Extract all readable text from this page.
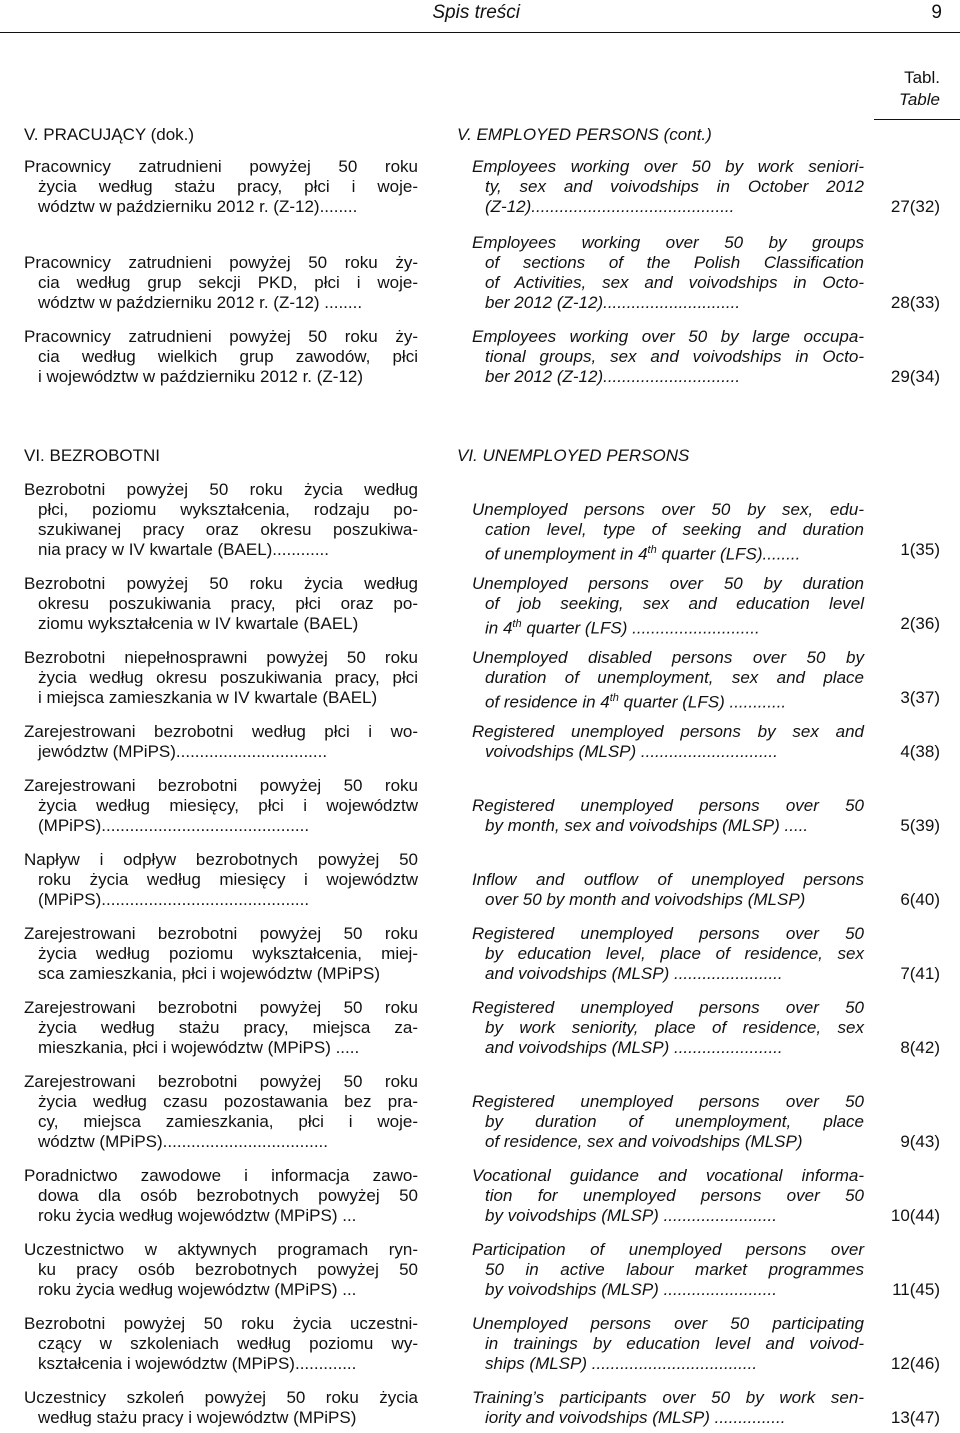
Spis treści	9
Tabl.
Table
V. PRACUJĄCY (dok.)	V. EMPLOYED PERSONS (cont.)
VI. BEZROBOTNI	VI. UNEMPLOYED PERSONS
Pracownicy zatrudnieni powyżej 50 roku
życia według stażu pracy, płci i woje-
wództw w październiku 2012 r. (Z-12)........
Employees working over 50 by work seniori-
ty, sex and voivodships in October 2012
(Z-12)...........................................	27(32)
Pracownicy zatrudnieni powyżej 50 roku ży-
cia według grup sekcji PKD, płci i woje-
wództw w październiku 2012 r. (Z-12) ........
Employees working over 50 by groups
of sections of the Polish Classification
of Activities, sex and voivodships in Octo-
ber 2012 (Z-12).............................	28(33)
Pracownicy zatrudnieni powyżej 50 roku ży-
cia według wielkich grup zawodów, płci
i województw w październiku 2012 r. (Z-12)
Employees working over 50 by large occupa-
tional groups, sex and voivodships in Octo-
ber 2012 (Z-12).............................	29(34)
Bezrobotni powyżej 50 roku życia według
płci, poziomu wykształcenia, rodzaju po-
szukiwanej pracy oraz okresu poszukiwa-
nia pracy w IV kwartale (BAEL)............
Unemployed persons over 50 by sex, edu-
cation level, type of seeking and duration
of unemployment in 4th quarter (LFS)........	1(35)
Bezrobotni powyżej 50 roku życia według
okresu poszukiwania pracy, płci oraz po-
ziomu wykształcenia w IV kwartale (BAEL)
Unemployed persons over 50 by duration
of job seeking, sex and education level
in 4th quarter (LFS) ...........................	2(36)
Bezrobotni niepełnosprawni powyżej 50 roku
życia według okresu poszukiwania pracy, płci
i miejsca zamieszkania w IV kwartale (BAEL)
Unemployed disabled persons over 50 by
duration of unemployment, sex and place
of residence in 4th quarter (LFS) ............	3(37)
Zarejestrowani bezrobotni według płci i wo-
jewództw (MPiPS)................................
Registered unemployed persons by sex and
voivodships (MLSP) .............................	4(38)
Zarejestrowani bezrobotni powyżej 50 roku
życia według miesięcy, płci i województw
(MPiPS)............................................
Registered unemployed persons over 50
by month, sex and voivodships (MLSP) .....	5(39)
Napływ i odpływ bezrobotnych powyżej 50
roku życia według miesięcy i województw
(MPiPS)............................................
Inflow and outflow of unemployed persons
over 50 by month and voivodships (MLSP)	6(40)
Zarejestrowani bezrobotni powyżej 50 roku
życia według poziomu wykształcenia, miej-
sca zamieszkania, płci i województw (MPiPS)
Registered unemployed persons over 50
by education level, place of residence, sex
and voivodships (MLSP) .......................	7(41)
Zarejestrowani bezrobotni powyżej 50 roku
życia według stażu pracy, miejsca za-
mieszkania, płci i województw (MPiPS) .....
Registered unemployed persons over 50
by work seniority, place of residence, sex
and voivodships (MLSP) .......................	8(42)
Zarejestrowani bezrobotni powyżej 50 roku
życia według czasu pozostawania bez pra-
cy, miejsca zamieszkania, płci i woje-
wództw (MPiPS)...................................
Registered unemployed persons over 50
by duration of unemployment, place
of residence, sex and voivodships (MLSP)	9(43)
Poradnictwo zawodowe i informacja zawo-
dowa dla osób bezrobotnych powyżej 50
roku życia według województw (MPiPS) ...
Vocational guidance and vocational informa-
tion for unemployed persons over 50
by voivodships (MLSP) ........................	10(44)
Uczestnictwo w aktywnych programach ryn-
ku pracy osób bezrobotnych powyżej 50
roku życia według województw (MPiPS) ...
Participation of unemployed persons over
50 in active labour market programmes
by voivodships (MLSP) ........................	11(45)
Bezrobotni powyżej 50 roku życia uczestni-
czący w szkoleniach według poziomu wy-
kształcenia i województw (MPiPS).............
Unemployed persons over 50 participating
in trainings by education level and voivod-
ships (MLSP) ...................................	12(46)
Uczestnicy szkoleń powyżej 50 roku życia
według stażu pracy i województw (MPiPS)
Training’s participants over 50 by work sen-
iority and voivodships (MLSP) ...............	13(47)
